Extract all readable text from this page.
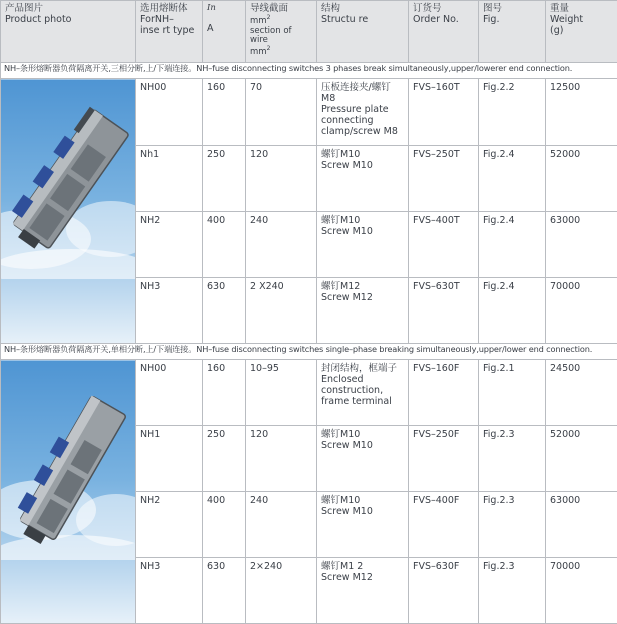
产品图片
Product photo	选用熔断体
ForNH–
inse rt type	In
A	导线截面
$mm^2$
section of wire
$mm^2$	结构
Structu re	订货号
Order No.	图号
Fig.	重量
Weight
(g)

NH–条形熔断器负荷隔离开关,三相分断,上/下端连接。NH–fuse disconnecting switches 3 phases break simultaneously,upper/lowerer end connection.							

	NH00	160	70	压板连接夹/螺钉
M8
Pressure plate
connecting
clamp/screw M8	FVS–160T	Fig.2.2	12500
	Nh1	250	120	螺钉M10
Screw M10	FVS–250T	Fig.2.4	52000
	NH2	400	240	螺钉M10
Screw M10	FVS–400T	Fig.2.4	63000
	NH3	630	2 X240	螺钉M12
Screw M12	FVS–630T	Fig.2.4	70000
NH–条形熔断器负荷隔离开关,单相分断,上/下端连接。NH–fuse disconnecting switches single–phase breaking simultaneously,upper/lower end connection.							

	NH00	160	10–95	封闭结构，框端子
Enclosed
construction,
frame terminal	FVS–160F	Fig.2.1	24500
	NH1	250	120	螺钉M10
Screw M10	FVS–250F	Fig.2.3	52000
	NH2	400	240	螺钉M10
Screw M10	FVS–400F	Fig.2.3	63000
	NH3	630	2×240	螺钉M1 2
Screw M12	FVS–630F	Fig.2.3	70000
